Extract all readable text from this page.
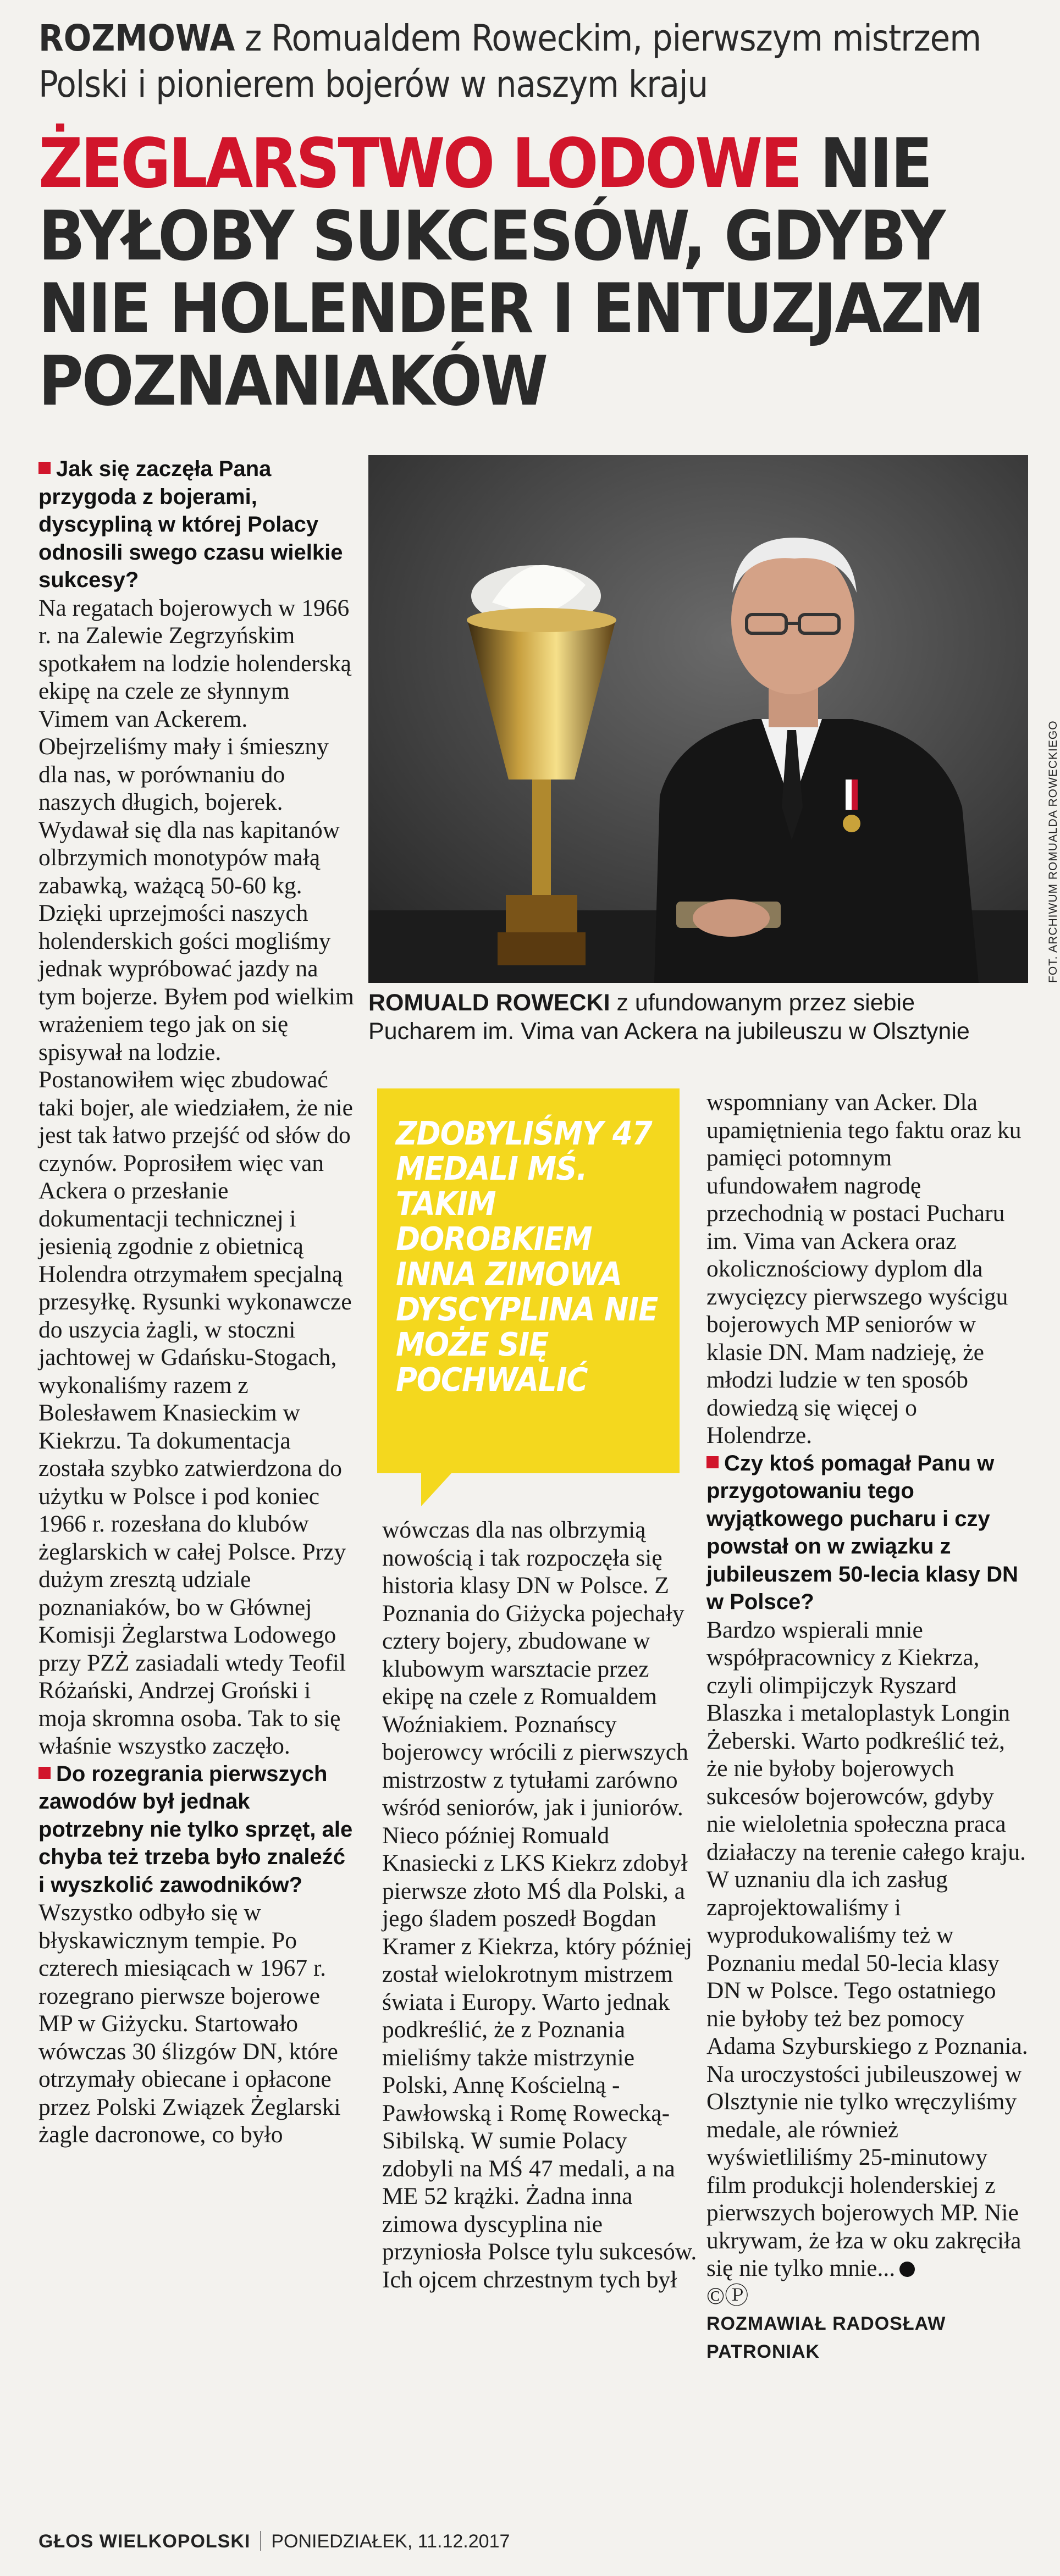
ROZMOWA z Romualdem Roweckim, pierwszym mistrzem Polski i pionierem bojerów w naszym kraju
ŻEGLARSTWO LODOWE NIE BYŁOBY SUKCESÓW, GDYBY NIE HOLENDER I ENTUZJAZM POZNANIAKÓW

Jak się zaczęła Pana przygoda z bojerami, dyscypliną w której Polacy odnosili swego czasu wielkie sukcesy?

Na regatach bojerowych w 1966 r. na Zalewie Zegrzyńskim spotkałem na lodzie holenderską ekipę na czele ze słynnym Vimem van Ackerem. Obejrzeliśmy mały i śmieszny dla nas, w porównaniu do naszych długich, bojerek. Wydawał się dla nas kapitanów olbrzymich monotypów małą zabawką, ważącą 50-60 kg. Dzięki uprzejmości naszych holenderskich gości mogliśmy jednak wypróbować jazdy na tym bojerze. Byłem pod wielkim wrażeniem tego jak on się spisywał na lodzie. Postanowiłem więc zbudować taki bojer, ale wiedziałem, że nie jest tak łatwo przejść od słów do czynów. Poprosiłem więc van Ackera o przesłanie dokumentacji technicznej i jesienią zgodnie z obietnicą Holendra otrzymałem specjalną przesyłkę. Rysunki wykonawcze do uszycia żagli, w stoczni jachtowej w Gdańsku-Stogach, wykonaliśmy razem z Bolesławem Knasieckim w Kiekrzu. Ta dokumentacja została szybko zatwierdzona do użytku w Polsce i pod koniec 1966 r. rozesłana do klubów żeglarskich w całej Polsce. Przy dużym zresztą udziale poznaniaków, bo w Głównej Komisji Żeglarstwa Lodowego przy PZŻ zasiadali wtedy Teofil Różański, Andrzej Groński i moja skromna osoba. Tak to się właśnie wszystko zaczęło.

Do rozegrania pierwszych zawodów był jednak potrzebny nie tylko sprzęt, ale chyba też trzeba było znaleźć i wyszkolić zawodników?

Wszystko odbyło się w błyskawicznym tempie. Po czterech miesiącach w 1967 r. rozegrano pierwsze bojerowe MP w Giżycku. Startowało wówczas 30 ślizgów DN, które otrzymały obiecane i opłacone przez Polski Związek Żeglarski żagle dacronowe, co było

FOT. ARCHIWUM ROMUALDA ROWECKIEGO
ROMUALD ROWECKI z ufundowanym przez siebie Pucharem im. Vima van Ackera na jubileuszu w Olsztynie
ZDOBYLIŚMY 47 MEDALI MŚ. TAKIM DOROBKIEM INNA ZIMOWA DYSCYPLINA NIE MOŻE SIĘ POCHWALIĆ

wówczas dla nas olbrzymią nowością i tak rozpoczęła się historia klasy DN w Polsce. Z Poznania do Giżycka pojechały cztery bojery, zbudowane w klubowym warsztacie przez ekipę na czele z Romualdem Woźniakiem. Poznańscy bojerowcy wrócili z pierwszych mistrzostw z tytułami zarówno wśród seniorów, jak i juniorów.

Nieco później Romuald Knasiecki z LKS Kiekrz zdobył pierwsze złoto MŚ dla Polski, a jego śladem poszedł Bogdan Kramer z Kiekrza, który później został wielokrotnym mistrzem świata i Europy. Warto jednak podkreślić, że z Poznania mieliśmy także mistrzynie Polski, Annę Kościelną -Pawłowską i Romę Rowecką-Sibilską. W sumie Polacy zdobyli na MŚ 47 medali, a na ME 52 krążki. Żadna inna zimowa dyscyplina nie przyniosła Polsce tylu sukcesów. Ich ojcem chrzestnym tych był

wspomniany van Acker. Dla upamiętnienia tego faktu oraz ku pamięci potomnym ufundowałem nagrodę przechodnią w postaci Pucharu im. Vima van Ackera oraz okolicznościowy dyplom dla zwycięzcy pierwszego wyścigu bojerowych MP seniorów w klasie DN. Mam nadzieję, że młodzi ludzie w ten sposób dowiedzą się więcej o Holendrze.

Czy ktoś pomagał Panu w przygotowaniu tego wyjątkowego pucharu i czy powstał on w związku z jubileuszem 50-lecia klasy DN w Polsce?

Bardzo wspierali mnie współpracownicy z Kiekrza, czyli olimpijczyk Ryszard Blaszka i metaloplastyk Longin Żeberski. Warto podkreślić też, że nie byłoby bojerowych sukcesów bojerowców, gdyby nie wieloletnia społeczna praca działaczy na terenie całego kraju. W uznaniu dla ich zasług zaprojektowaliśmy i wyprodukowaliśmy też w Poznaniu medal 50-lecia klasy DN w Polsce. Tego ostatniego nie byłoby też bez pomocy Adama Szyburskiego z Poznania. Na uroczystości jubileuszowej w Olsztynie nie tylko wręczyliśmy medale, ale również wyświetliliśmy 25-minutowy film produkcji holenderskiej z pierwszych bojerowych MP. Nie ukrywam, że łza w oku zakręciła się nie tylko mnie...

©Ⓟ

ROZMAWIAŁ RADOSŁAW PATRONIAK

GŁOS WIELKOPOLSKI PONIEDZIAŁEK, 11.12.2017
